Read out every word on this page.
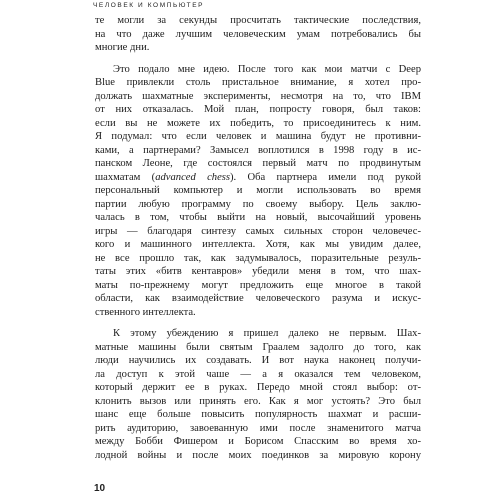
ЧЕЛОВЕК И КОМПЬЮТЕР
те могли за секунды просчитать тактические последствия,
на что даже лучшим человеческим умам потребовались бы
многие дни.
Это подало мне идею. После того как мои матчи с Deep
Blue привлекли столь пристальное внимание, я хотел про-
должать шахматные эксперименты, несмотря на то, что IBM
от них отказалась. Мой план, попросту говоря, был таков:
если вы не можете их победить, то присоединитесь к ним.
Я подумал: что если человек и машина будут не противни-
ками, а партнерами? Замысел воплотился в 1998 году в ис-
панском Леоне, где состоялся первый матч по продвинутым
шахматам (advanced chess). Оба партнера имели под рукой
персональный компьютер и могли использовать во время
партии любую программу по своему выбору. Цель заклю-
чалась в том, чтобы выйти на новый, высочайший уровень
игры — благодаря синтезу самых сильных сторон человечес-
кого и машинного интеллекта. Хотя, как мы увидим далее,
не все прошло так, как задумывалось, поразительные резуль-
таты этих «битв кентавров» убедили меня в том, что шах-
маты по-прежнему могут предложить еще многое в такой
области, как взаимодействие человеческого разума и искус-
ственного интеллекта.
К этому убеждению я пришел далеко не первым. Шах-
матные машины были святым Граалем задолго до того, как
люди научились их создавать. И вот наука наконец получи-
ла доступ к этой чаше — а я оказался тем человеком,
который держит ее в руках. Передо мной стоял выбор: от-
клонить вызов или принять его. Как я мог устоять? Это был
шанс еще больше повысить популярность шахмат и расши-
рить аудиторию, завоеванную ими после знаменитого матча
между Бобби Фишером и Борисом Спасским во время хо-
лодной войны и после моих поединков за мировую корону
10
